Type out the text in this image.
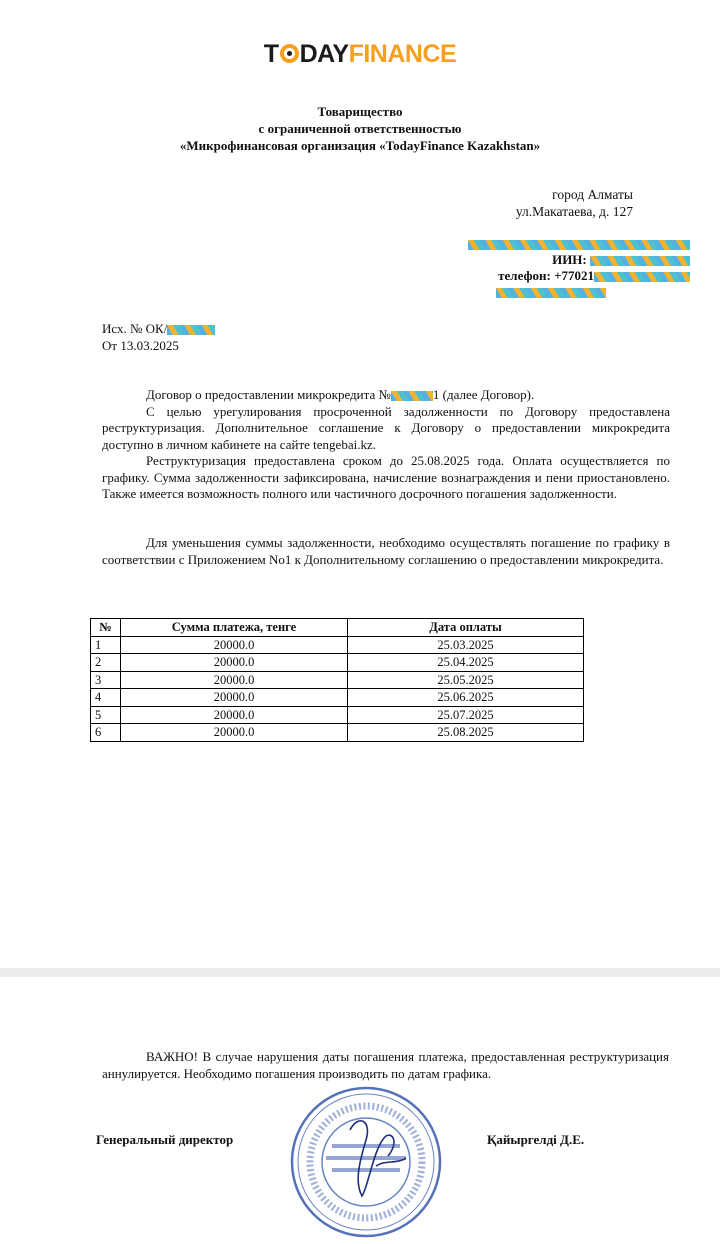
T DAYFINANCE
Товарищество
с ограниченной ответственностью
«Микрофинансовая организация «TodayFinance Kazakhstan»
город Алматы
ул.Макатаева, д. 127
ИИН:
телефон: +77021
Исх. № ОК/
От 13.03.2025

Договор о предоставлении микрокредита №	1 (далее Договор).

С целью урегулирования просроченной задолженности по Договору предоставлена реструктуризация. Дополнительное соглашение к Договору о предоставлении микрокредита доступно в личном кабинете на сайте tengebai.kz.

Реструктуризация предоставлена сроком до 25.08.2025 года. Оплата осуществляется по графику. Сумма задолженности зафиксирована, начисление вознаграждения и пени приостановлено. Также имеется возможность полного или частичного досрочного погашения задолженности.

Для уменьшения суммы задолженности, необходимо осуществлять погашение по графику в соответствии с Приложением No1 к Дополнительному соглашению о предоставлении микрокредита.

№	Сумма платежа, тенге	Дата оплаты
1	20000.0	25.03.2025
2	20000.0	25.04.2025
3	20000.0	25.05.2025
4	20000.0	25.06.2025
5	20000.0	25.07.2025
6	20000.0	25.08.2025

ВАЖНО! В случае нарушения даты погашения платежа, предоставленная реструктуризация аннулируется. Необходимо погашения производить по датам графика.

Генеральный директор	Қайыргелді Д.Е.
